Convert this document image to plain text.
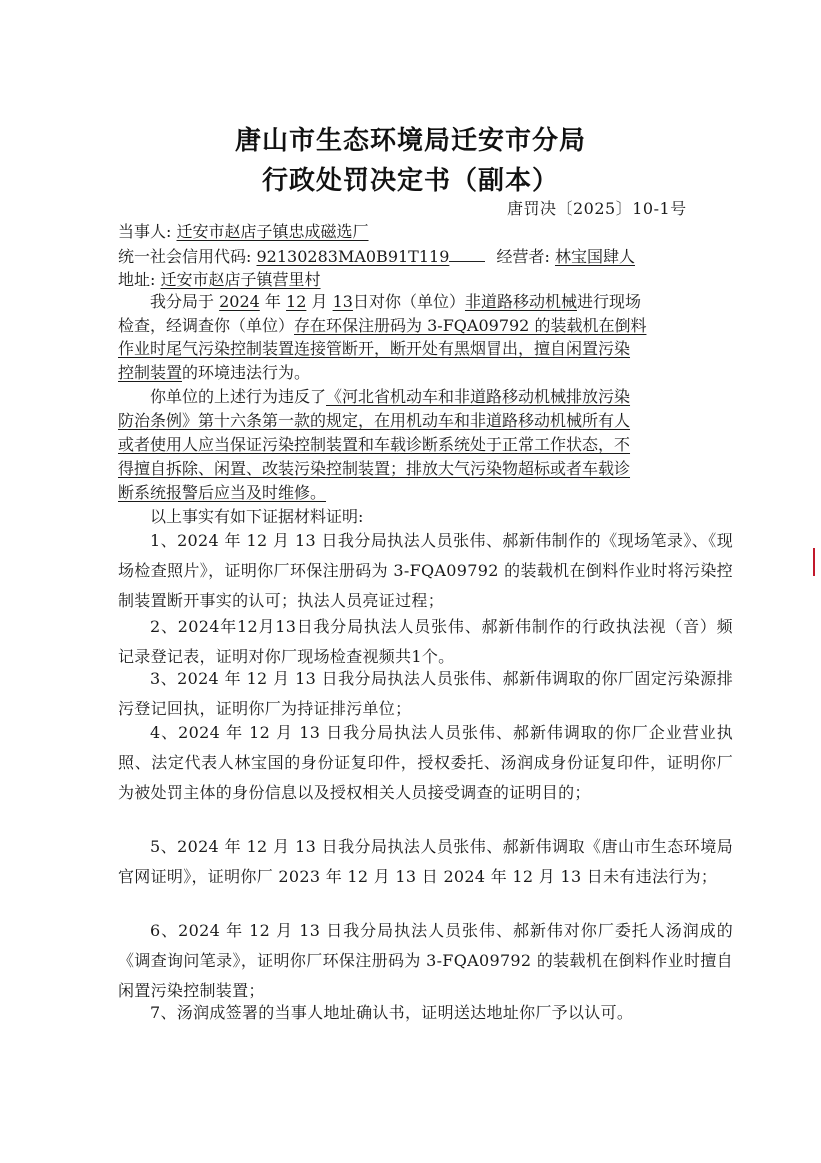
唐山市生态环境局迁安市分局
行政处罚决定书（副本）
唐罚决〔2025〕10-1号
当事人: 迁安市赵店子镇忠成磁选厂
统一社会信用代码: 92130283MA0B91T119	经营者: 林宝国肆人
地址: 迁安市赵店子镇营里村
我分局于 2024 年 12 月 13日对你（单位）非道路移动机械进行现场
检查，经调查你（单位）存在环保注册码为 3-FQA09792 的装载机在倒料
作业时尾气污染控制装置连接管断开，断开处有黑烟冒出，擅自闲置污染
控制装置的环境违法行为。
你单位的上述行为违反了《河北省机动车和非道路移动机械排放污染
防治条例》第十六条第一款的规定，在用机动车和非道路移动机械所有人
或者使用人应当保证污染控制装置和车载诊断系统处于正常工作状态，不
得擅自拆除、闲置、改装污染控制装置；排放大气污染物超标或者车载诊
断系统报警后应当及时维修。
以上事实有如下证据材料证明:
1、2024 年 12 月 13 日我分局执法人员张伟、郝新伟制作的《现场笔录》、《现场检查照片》，证明你厂环保注册码为 3-FQA09792 的装载机在倒料作业时将污染控制装置断开事实的认可；执法人员亮证过程；
2、2024年12月13日我分局执法人员张伟、郝新伟制作的行政执法视（音）频记录登记表，证明对你厂现场检查视频共1个。
3、2024 年 12 月 13 日我分局执法人员张伟、郝新伟调取的你厂固定污染源排污登记回执，证明你厂为持证排污单位；
4、2024 年 12 月 13 日我分局执法人员张伟、郝新伟调取的你厂企业营业执照、法定代表人林宝国的身份证复印件，授权委托、汤润成身份证复印件，证明你厂为被处罚主体的身份信息以及授权相关人员接受调查的证明目的；
5、2024 年 12 月 13 日我分局执法人员张伟、郝新伟调取《唐山市生态环境局官网证明》，证明你厂 2023 年 12 月 13 日 2024 年 12 月 13 日未有违法行为；
6、2024 年 12 月 13 日我分局执法人员张伟、郝新伟对你厂委托人汤润成的《调查询问笔录》，证明你厂环保注册码为 3-FQA09792 的装载机在倒料作业时擅自闲置污染控制装置；
7、汤润成签署的当事人地址确认书，证明送达地址你厂予以认可。
